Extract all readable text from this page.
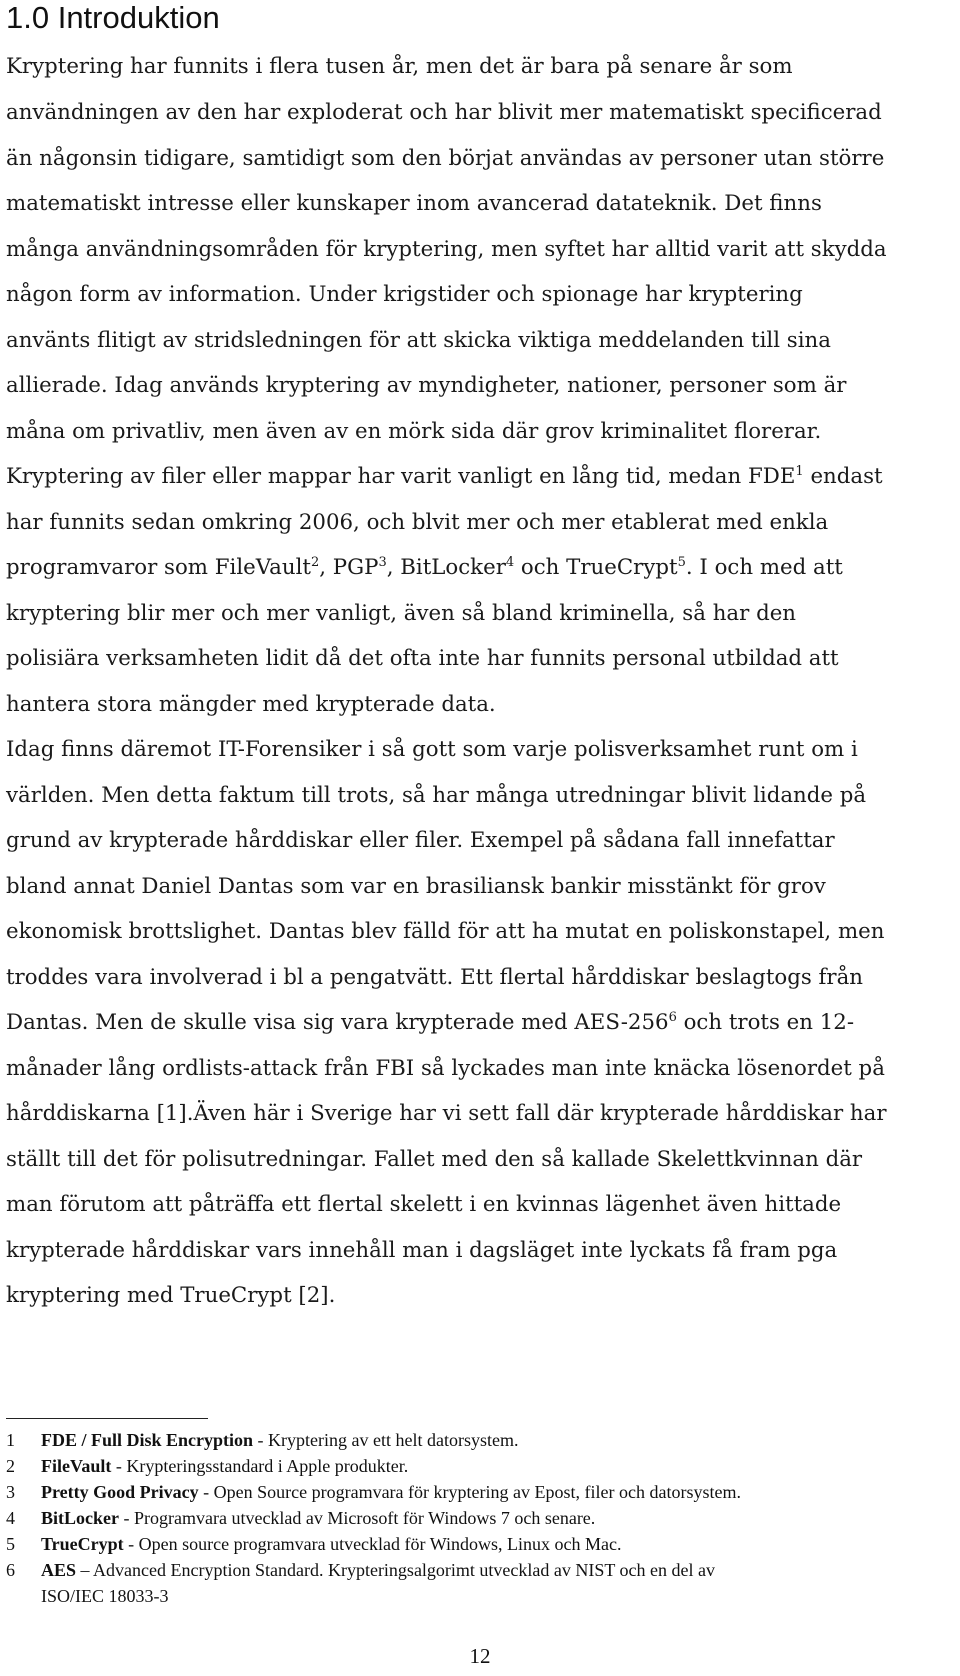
1.0 Introduktion
Kryptering har funnits i flera tusen år, men det är bara på senare år som
användningen av den har exploderat och har blivit mer matematiskt specificerad
än någonsin tidigare, samtidigt som den börjat användas av personer utan större
matematiskt intresse eller kunskaper inom avancerad datateknik. Det finns
många användningsområden för kryptering, men syftet har alltid varit att skydda
någon form av information. Under krigstider och spionage har kryptering
använts flitigt av stridsledningen för att skicka viktiga meddelanden till sina
allierade. Idag används kryptering av myndigheter, nationer, personer som är
måna om privatliv, men även av en mörk sida där grov kriminalitet florerar.
Kryptering av filer eller mappar har varit vanligt en lång tid, medan FDE$^1$ endast
har funnits sedan omkring 2006, och blvit mer och mer etablerat med enkla
programvaror som FileVault$^2$, PGP$^3$, BitLocker$^4$ och TrueCrypt$^5$. I och med att
kryptering blir mer och mer vanligt, även så bland kriminella, så har den
polisiära verksamheten lidit då det ofta inte har funnits personal utbildad att
hantera stora mängder med krypterade data.
Idag finns däremot IT-Forensiker i så gott som varje polisverksamhet runt om i
världen. Men detta faktum till trots, så har många utredningar blivit lidande på
grund av krypterade hårddiskar eller filer. Exempel på sådana fall innefattar
bland annat Daniel Dantas som var en brasiliansk bankir misstänkt för grov
ekonomisk brottslighet. Dantas blev fälld för att ha mutat en poliskonstapel, men
troddes vara involverad i bl a pengatvätt. Ett flertal hårddiskar beslagtogs från
Dantas. Men de skulle visa sig vara krypterade med AES-256$^6$ och trots en 12-
månader lång ordlists-attack från FBI så lyckades man inte knäcka lösenordet på
hårddiskarna [1].Även här i Sverige har vi sett fall där krypterade hårddiskar har
ställt till det för polisutredningar. Fallet med den så kallade Skelettkvinnan där
man förutom att påträffa ett flertal skelett i en kvinnas lägenhet även hittade
krypterade hårddiskar vars innehåll man i dagsläget inte lyckats få fram pga
kryptering med TrueCrypt [2].
1 FDE / Full Disk Encryption - Kryptering av ett helt datorsystem.
2 FileVault - Krypteringsstandard i Apple produkter.
3 Pretty Good Privacy - Open Source programvara för kryptering av Epost, filer och datorsystem.
4 BitLocker - Programvara utvecklad av Microsoft för Windows 7 och senare.
5 TrueCrypt - Open source programvara utvecklad för Windows, Linux och Mac.
6 AES – Advanced Encryption Standard. Krypteringsalgorimt utvecklad av NIST och en del av
ISO/IEC 18033-3
12
